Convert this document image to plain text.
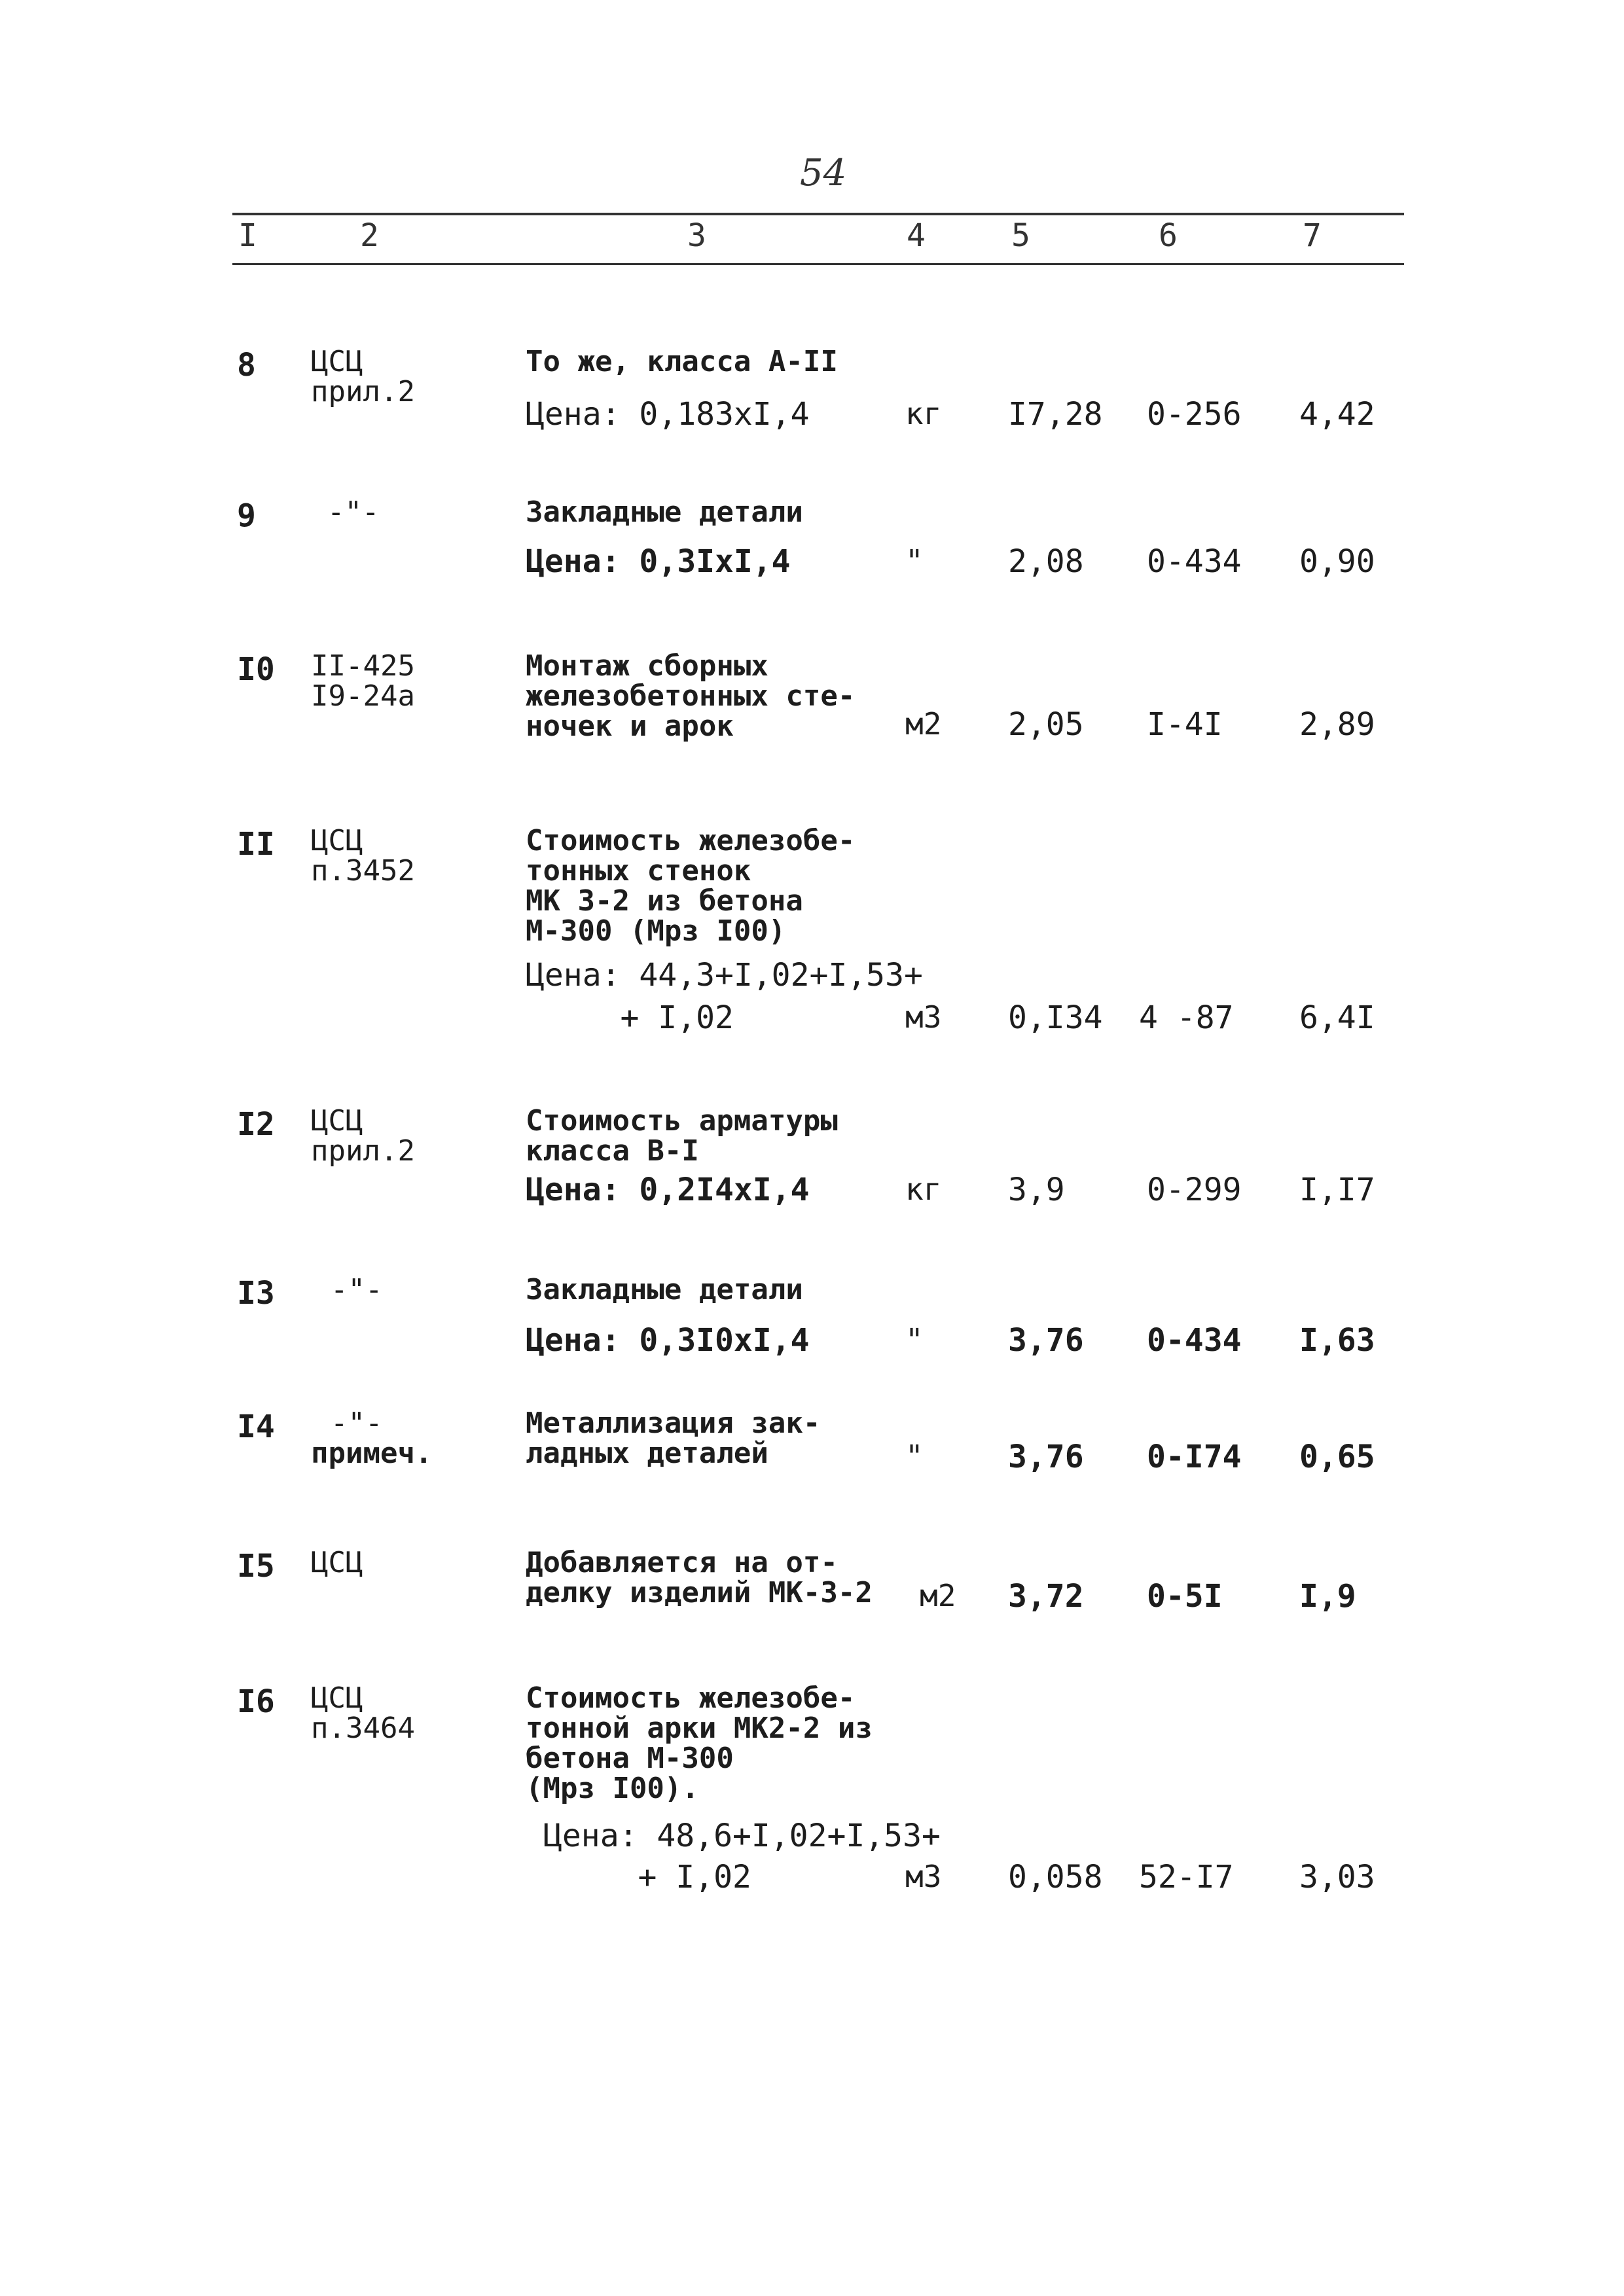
54
I	2	3	4	5	6	7
8 ЦСЦ
прил.2
То же, класса А-II
Цена: 0,183хI,4	кг I7,28 0-256 4,42
9 -"-	Закладные детали
Цена: 0,3IхI,4	"	2,08 0-434 0,90
I0 II-425
I9-24а
Монтаж сборных
железобетонных сте-
ночек и арок	м2 2,05 I-4I 2,89
II ЦСЦ
п.3452
Стоимость железобе-
тонных стенок
МК 3-2 из бетона
М-300 (Мрз I00)
Цена: 44,3+I,02+I,53+
+ I,02	м3 0,I34 4 -87 6,4I
I2 ЦСЦ
прил.2
Стоимость арматуры
класса В-I
Цена: 0,2I4хI,4	кг 3,9	0-299 I,I7
I3 -"-	Закладные детали
Цена: 0,3I0хI,4	"	3,76 0-434 I,63
I4	-"-
примеч.
Металлизация зак-
ладных деталей	"	3,76 0-I74 0,65
I5 ЦСЦ	Добавляется на от-
делку изделий МК-3-2 м2 3,72 0-5I I,9
I6 ЦСЦ
п.3464
Стоимость железобе-
тонной арки МК2-2 из
бетона М-300
(Мрз I00).
Цена: 48,6+I,02+I,53+
+ I,02	м3 0,058 52-I7 3,03
